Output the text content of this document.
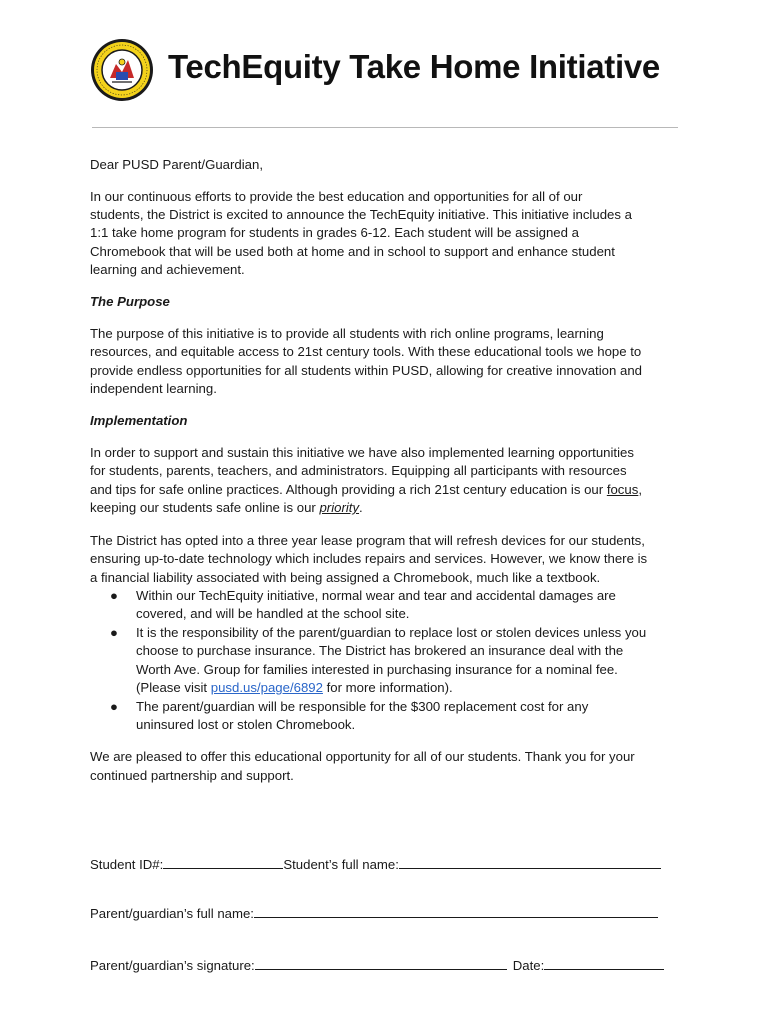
TechEquity Take Home Initiative
Dear PUSD Parent/Guardian,
In our continuous efforts to provide the best education and opportunities for all of our
students, the District is excited to announce the TechEquity initiative. This initiative includes a
1:1 take home program for students in grades 6-12. Each student will be assigned a
Chromebook that will be used both at home and in school to support and enhance student
learning and achievement.
The Purpose
The purpose of this initiative is to provide all students with rich online programs, learning
resources, and equitable access to 21st century tools. With these educational tools we hope to
provide endless opportunities for all students within PUSD, allowing for creative innovation and
independent learning.
Implementation
In order to support and sustain this initiative we have also implemented learning opportunities
for students, parents, teachers, and administrators. Equipping all participants with resources
and tips for safe online practices. Although providing a rich 21st century education is our focus,
keeping our students safe online is our priority.
The District has opted into a three year lease program that will refresh devices for our students,
ensuring up-to-date technology which includes repairs and services. However, we know there is
a financial liability associated with being assigned a Chromebook, much like a textbook.
●	Within our TechEquity initiative, normal wear and tear and accidental damages are
covered, and will be handled at the school site.
●	It is the responsibility of the parent/guardian to replace lost or stolen devices unless you
choose to purchase insurance. The District has brokered an insurance deal with the
Worth Ave. Group for families interested in purchasing insurance for a nominal fee.
(Please visit pusd.us/page/6892 for more information).
●	The parent/guardian will be responsible for the $300 replacement cost for any
uninsured lost or stolen Chromebook.
We are pleased to offer this educational opportunity for all of our students. Thank you for your
continued partnership and support.
Student ID#:	Student’s full name:
Parent/guardian’s full name:
Parent/guardian’s signature:	Date:
